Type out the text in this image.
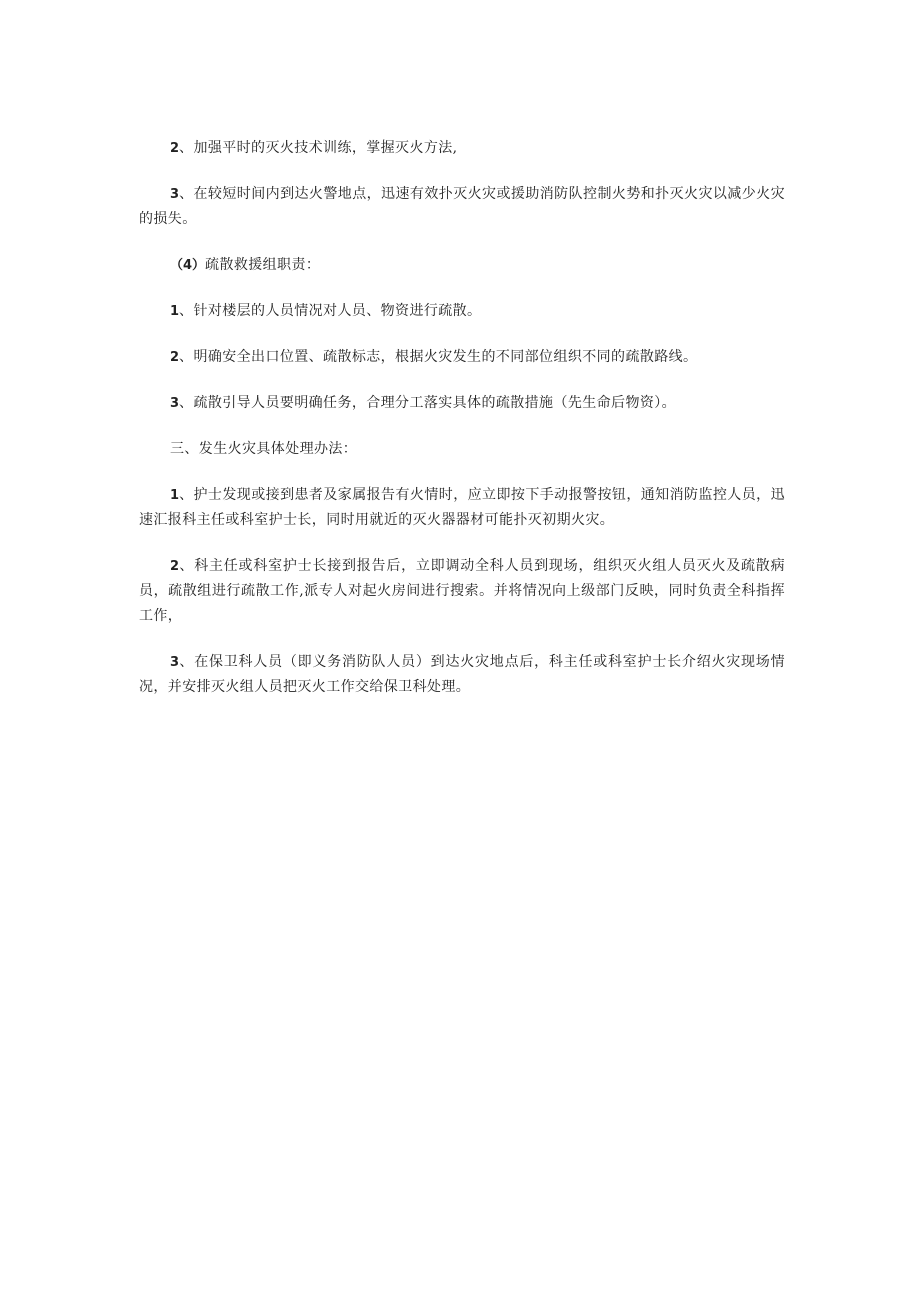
2、加强平时的灭火技术训练，掌握灭火方法,

3、在较短时间内到达火警地点，迅速有效扑灭火灾或援助消防队控制火势和扑灭火灾以减少火灾的损失。

（4）疏散救援组职责：

1、针对楼层的人员情况对人员、物资进行疏散。

2、明确安全出口位置、疏散标志，根据火灾发生的不同部位组织不同的疏散路线。

3、疏散引导人员要明确任务，合理分工落实具体的疏散措施（先生命后物资）。

三、发生火灾具体处理办法：

1、护士发现或接到患者及家属报告有火情时，应立即按下手动报警按钮，通知消防监控人员，迅速汇报科主任或科室护士长，同时用就近的灭火器器材可能扑灭初期火灾。

2、科主任或科室护士长接到报告后，立即调动全科人员到现场，组织灭火组人员灭火及疏散病员，疏散组进行疏散工作,派专人对起火房间进行搜索。并将情况向上级部门反映，同时负责全科指挥工作，

3、在保卫科人员（即义务消防队人员）到达火灾地点后，科主任或科室护士长介绍火灾现场情况，并安排灭火组人员把灭火工作交给保卫科处理。
